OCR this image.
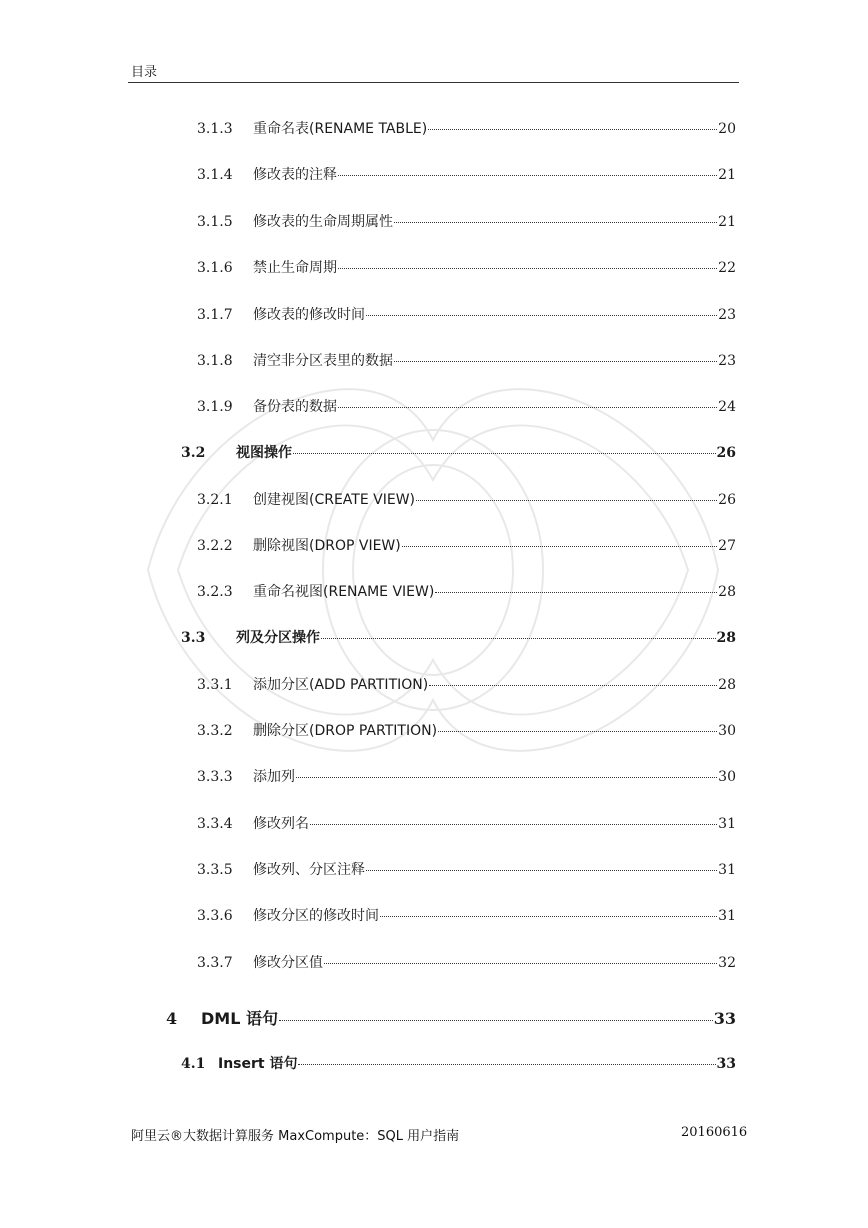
目录
3.1.3	重命名表(RENAME TABLE)	20
3.1.4	修改表的注释	21
3.1.5	修改表的生命周期属性	21
3.1.6	禁止生命周期	22
3.1.7	修改表的修改时间	23
3.1.8	清空非分区表里的数据	23
3.1.9	备份表的数据	24
3.2	视图操作	26
3.2.1	创建视图(CREATE VIEW)	26
3.2.2	删除视图(DROP VIEW)	27
3.2.3	重命名视图(RENAME VIEW)	28
3.3	列及分区操作	28
3.3.1	添加分区(ADD PARTITION)	28
3.3.2	删除分区(DROP PARTITION)	30
3.3.3	添加列	30
3.3.4	修改列名	31
3.3.5	修改列、分区注释	31
3.3.6	修改分区的修改时间	31
3.3.7	修改分区值	32
4	DML 语句	33
4.1 Insert 语句	33
阿里云®大数据计算服务 MaxCompute：SQL 用户指南	20160616
